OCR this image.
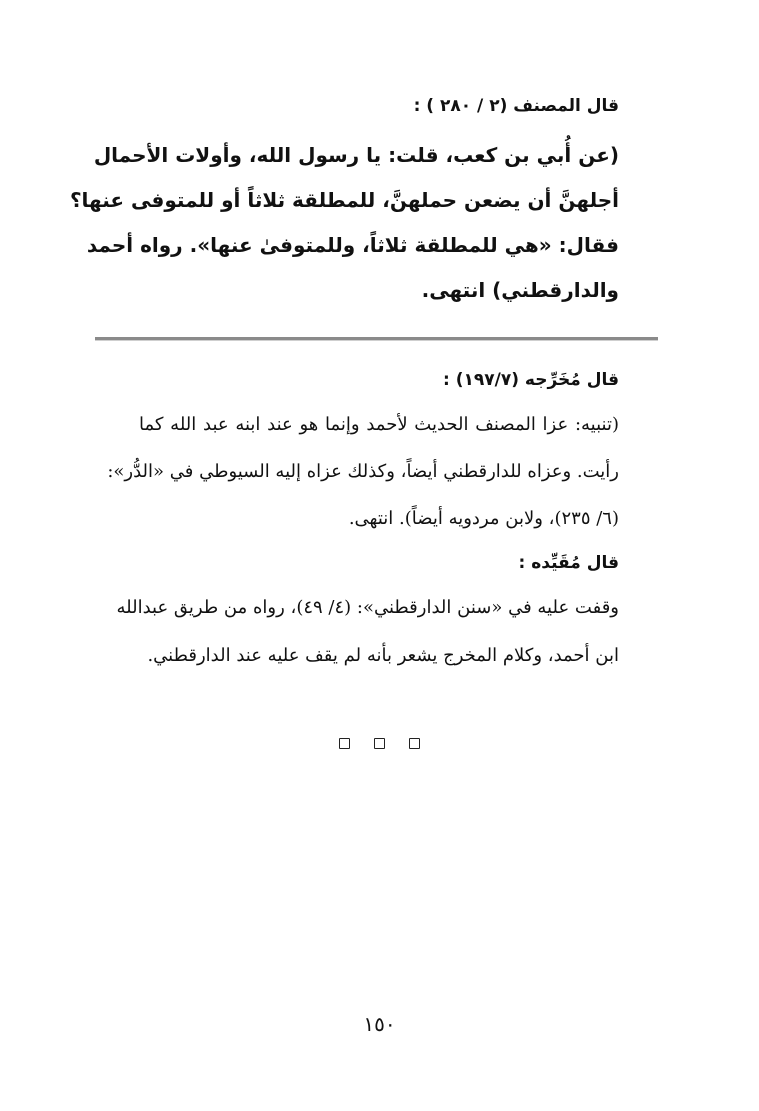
قال المصنف (٢ / ٢٨٠ ) :
(عن أُبي بن كعب، قلت: يا رسول الله، وأولات الأحمال
أجلهنَّ أن يضعن حملهنَّ، للمطلقة ثلاثاً أو للمتوفى عنها؟
فقال: «هي للمطلقة ثلاثاً، وللمتوفىٰ عنها». رواه أحمد
والدارقطني) انتهى.
قال مُخَرِّجه (١٩٧/٧) :
(تنبيه: عزا المصنف الحديث لأحمد وإنما هو عند ابنه عبد الله كما
رأيت. وعزاه للدارقطني أيضاً، وكذلك عزاه إليه السيوطي في «الدُّر»:
(٦/ ٢٣٥)، ولابن مردويه أيضاً). انتهى.
قال مُقَيِّده :
وقفت عليه في «سنن الدارقطني»: (٤/ ٤٩)، رواه من طريق عبدالله
ابن أحمد، وكلام المخرج يشعر بأنه لم يقف عليه عند الدارقطني.
١٥٠
